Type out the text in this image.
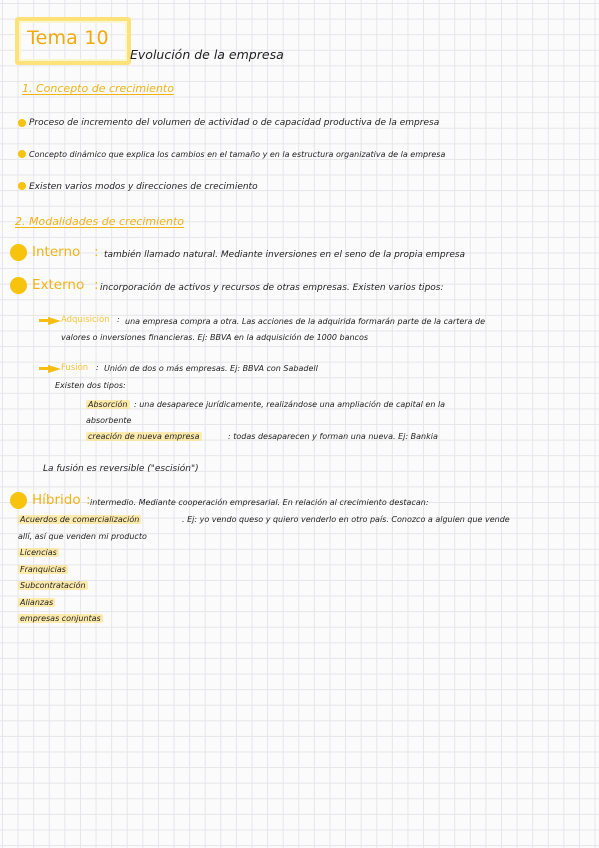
Tema 10
Evolución de la empresa
1. Concepto de crecimiento
Proceso de incremento del volumen de actividad o de capacidad productiva de la empresa
Concepto dinámico que explica los cambios en el tamaño y en la estructura organizativa de la empresa
Existen varios modos y direcciones de crecimiento
2. Modalidades de crecimiento
Interno : también llamado natural. Mediante inversiones en el seno de la propia empresa
Externo : incorporación de activos y recursos de otras empresas. Existen varios tipos:
Adquisición : una empresa compra a otra. Las acciones de la adquirida formarán parte de la cartera de
valores o inversiones financieras. Ej: BBVA en la adquisición de 1000 bancos
Fusión : Unión de dos o más empresas. Ej: BBVA con Sabadell
Existen dos tipos:
Absorción : una desaparece jurídicamente, realizándose una ampliación de capital en la
absorbente
creación de nueva empresa	: todas desaparecen y forman una nueva. Ej: Bankia
La fusión es reversible ("escisión")
Híbrido : intermedio. Mediante cooperación empresarial. En relación al crecimiento destacan:
Acuerdos de comercialización	. Ej: yo vendo queso y quiero venderlo en otro país. Conozco a alguien que vende
allí, así que venden mi producto
Licencias
Franquicias
Subcontratación
Alianzas
empresas conjuntas
